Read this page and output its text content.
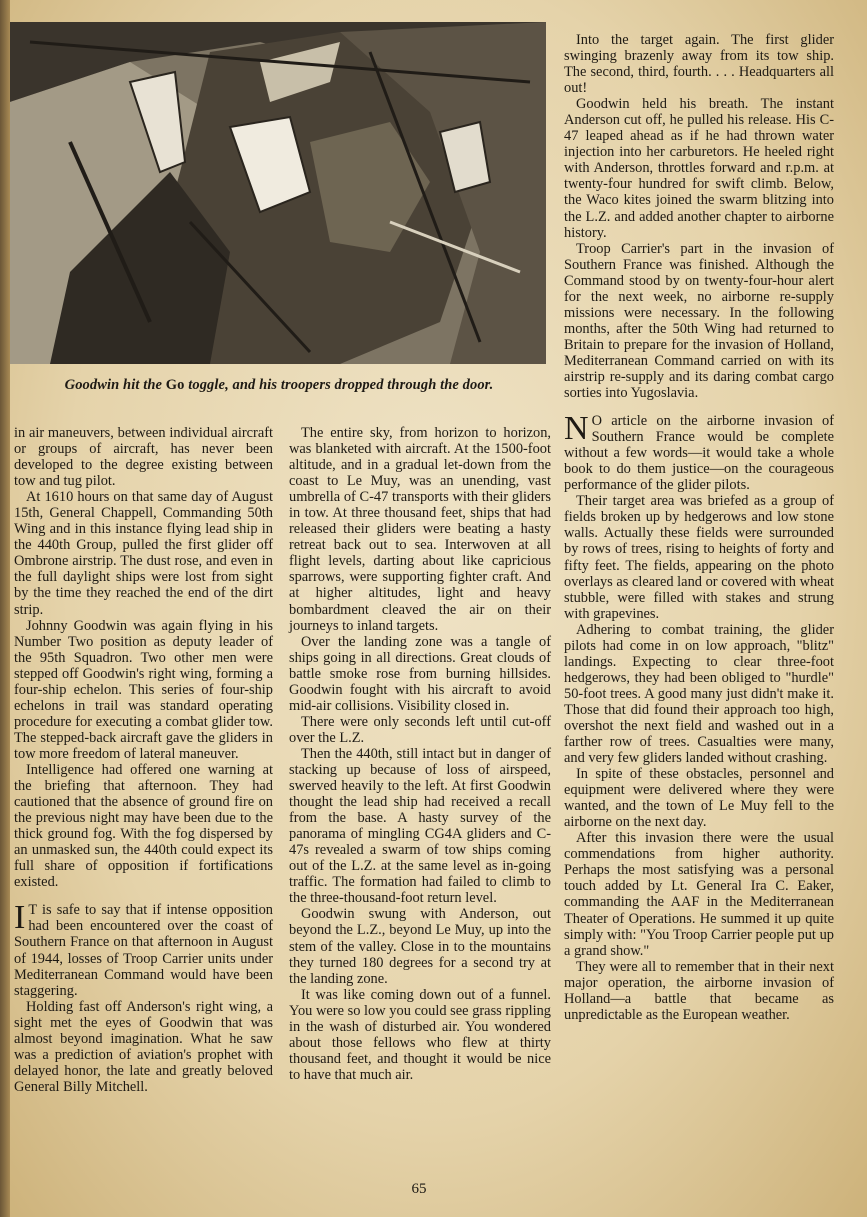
Goodwin hit the Go toggle, and his troopers dropped through the door.

in air maneuvers, between individual aircraft or groups of aircraft, has never been developed to the degree existing between tow and tug pilot.

At 1610 hours on that same day of August 15th, General Chappell, Commanding 50th Wing and in this instance flying lead ship in the 440th Group, pulled the first glider off Ombrone airstrip. The dust rose, and even in the full daylight ships were lost from sight by the time they reached the end of the dirt strip.

Johnny Goodwin was again flying in his Number Two position as deputy leader of the 95th Squadron. Two other men were stepped off Goodwin's right wing, forming a four-ship echelon. This series of four-ship echelons in trail was standard operating procedure for executing a combat glider tow. The stepped-back aircraft gave the gliders in tow more freedom of lateral maneuver.

Intelligence had offered one warning at the briefing that afternoon. They had cautioned that the absence of ground fire on the previous night may have been due to the thick ground fog. With the fog dispersed by an unmasked sun, the 440th could expect its full share of opposition if fortifications existed.

I T is safe to say that if intense opposition had been encountered over the coast of Southern France on that afternoon in August of 1944, losses of Troop Carrier units under Mediterranean Command would have been staggering.

Holding fast off Anderson's right wing, a sight met the eyes of Goodwin that was almost beyond imagination. What he saw was a prediction of aviation's prophet with delayed honor, the late and greatly beloved General Billy Mitchell.

The entire sky, from horizon to horizon, was blanketed with aircraft. At the 1500-foot altitude, and in a gradual let-down from the coast to Le Muy, was an unending, vast umbrella of C-47 transports with their gliders in tow. At three thousand feet, ships that had released their gliders were beating a hasty retreat back out to sea. Interwoven at all flight levels, darting about like capricious sparrows, were supporting fighter craft. And at higher altitudes, light and heavy bombardment cleaved the air on their journeys to inland targets.

Over the landing zone was a tangle of ships going in all directions. Great clouds of battle smoke rose from burning hillsides. Goodwin fought with his aircraft to avoid mid-air collisions. Visibility closed in.

There were only seconds left until cut-off over the L.Z.

Then the 440th, still intact but in danger of stacking up because of loss of airspeed, swerved heavily to the left. At first Goodwin thought the lead ship had received a recall from the base. A hasty survey of the panorama of mingling CG4A gliders and C-47s revealed a swarm of tow ships coming out of the L.Z. at the same level as in-going traffic. The formation had failed to climb to the three-thousand-foot return level.

Goodwin swung with Anderson, out beyond the L.Z., beyond Le Muy, up into the stem of the valley. Close in to the mountains they turned 180 degrees for a second try at the landing zone.

It was like coming down out of a funnel. You were so low you could see grass rippling in the wash of disturbed air. You wondered about those fellows who flew at thirty thousand feet, and thought it would be nice to have that much air.

Into the target again. The first glider swinging brazenly away from its tow ship. The second, third, fourth. . . . Headquarters all out!

Goodwin held his breath. The instant Anderson cut off, he pulled his release. His C-47 leaped ahead as if he had thrown water injection into her carburetors. He heeled right with Anderson, throttles forward and r.p.m. at twenty-four hundred for swift climb. Below, the Waco kites joined the swarm blitzing into the L.Z. and added another chapter to airborne history.

Troop Carrier's part in the invasion of Southern France was finished. Although the Command stood by on twenty-four-hour alert for the next week, no airborne re-supply missions were necessary. In the following months, after the 50th Wing had returned to Britain to prepare for the invasion of Holland, Mediterranean Command carried on with its airstrip re-supply and its daring combat cargo sorties into Yugoslavia.

N O article on the airborne invasion of Southern France would be complete without a few words—it would take a whole book to do them justice—on the courageous performance of the glider pilots.

Their target area was briefed as a group of fields broken up by hedgerows and low stone walls. Actually these fields were surrounded by rows of trees, rising to heights of forty and fifty feet. The fields, appearing on the photo overlays as cleared land or covered with wheat stubble, were filled with stakes and strung with grapevines.

Adhering to combat training, the glider pilots had come in on low approach, "blitz" landings. Expecting to clear three-foot hedgerows, they had been obliged to "hurdle" 50-foot trees. A good many just didn't make it. Those that did found their approach too high, overshot the next field and washed out in a farther row of trees. Casualties were many, and very few gliders landed without crashing.

In spite of these obstacles, personnel and equipment were delivered where they were wanted, and the town of Le Muy fell to the airborne on the next day.

After this invasion there were the usual commendations from higher authority. Perhaps the most satisfying was a personal touch added by Lt. General Ira C. Eaker, commanding the AAF in the Mediterranean Theater of Operations. He summed it up quite simply with: "You Troop Carrier people put up a grand show."

They were all to remember that in their next major operation, the airborne invasion of Holland—a battle that became as unpredictable as the European weather.

65
